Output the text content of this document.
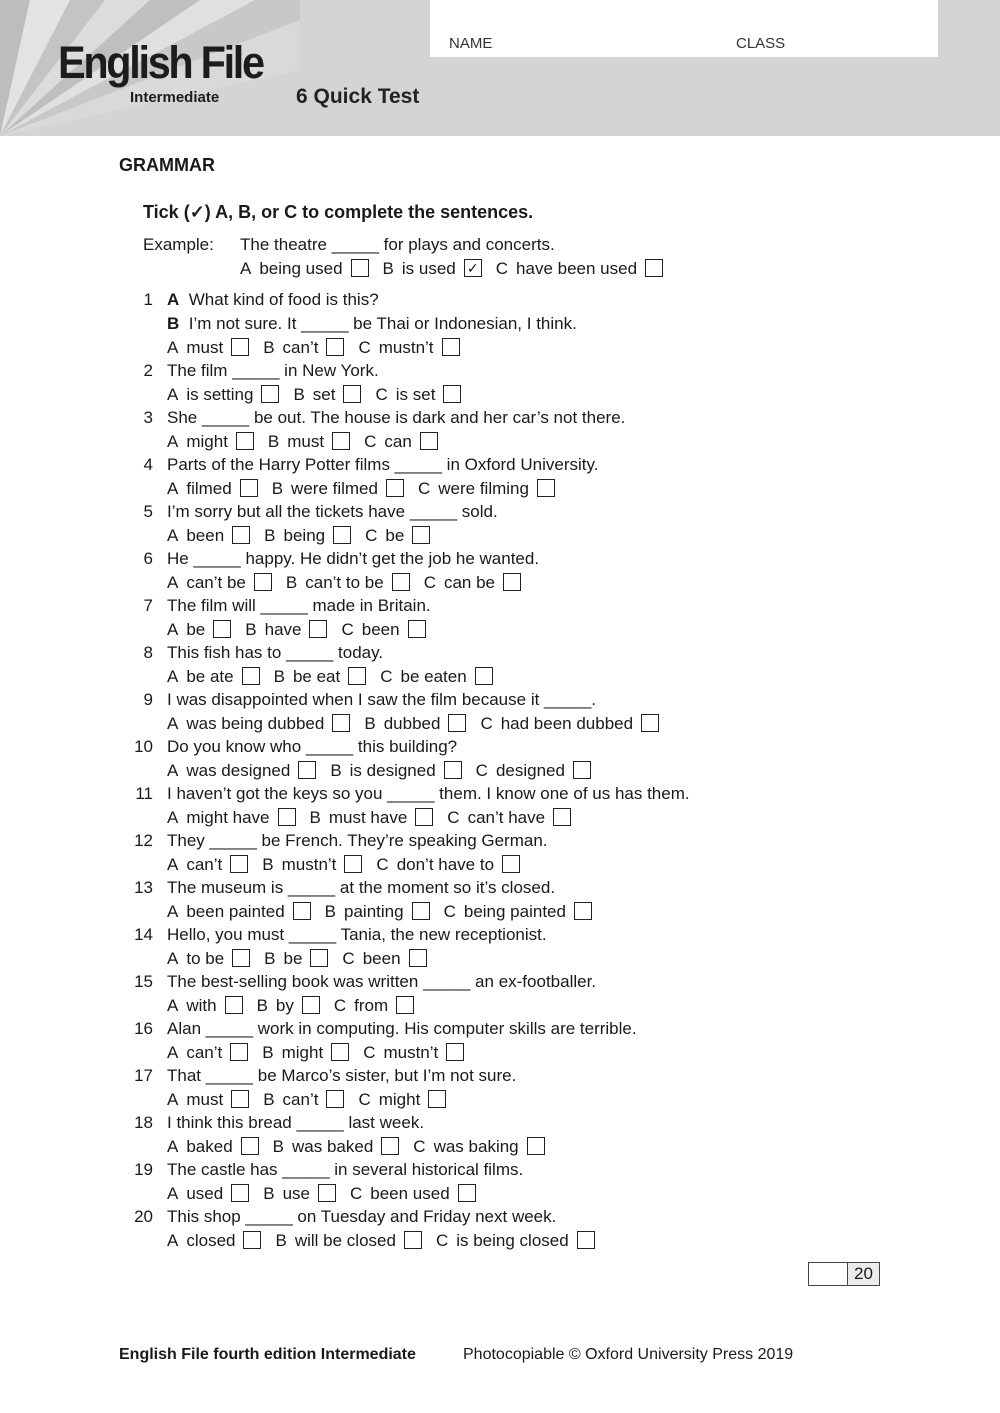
English File
Intermediate	6 Quick Test
NAME	CLASS
GRAMMAR
Tick (✓) A, B, or C to complete the sentences.
Example: The theatre _____ for plays and concerts.
A being used B is used ✓ C have been used
1 A What kind of food is this?
B I’m not sure. It _____ be Thai or Indonesian, I think.
A must B can’t C mustn’t
2 The film _____ in New York.
A is setting B set C is set
3 She _____ be out. The house is dark and her car’s not there.
A might B must C can
4 Parts of the Harry Potter films _____ in Oxford University.
A filmed B were filmed C were filming
5 I’m sorry but all the tickets have _____ sold.
A been B being C be
6 He _____ happy. He didn’t get the job he wanted.
A can’t be B can’t to be C can be
7 The film will _____ made in Britain.
A be B have C been
8 This fish has to _____ today.
A be ate B be eat C be eaten
9 I was disappointed when I saw the film because it _____.
A was being dubbed B dubbed C had been dubbed
10 Do you know who _____ this building?
A was designed B is designed C designed
11 I haven’t got the keys so you _____ them. I know one of us has them.
A might have B must have C can’t have
12 They _____ be French. They’re speaking German.
A can’t B mustn’t C don’t have to
13 The museum is _____ at the moment so it’s closed.
A been painted B painting C being painted
14 Hello, you must _____ Tania, the new receptionist.
A to be B be C been
15 The best-selling book was written _____ an ex-footballer.
A with B by C from
16 Alan _____ work in computing. His computer skills are terrible.
A can’t B might C mustn’t
17 That _____ be Marco’s sister, but I’m not sure.
A must B can’t C might
18 I think this bread _____ last week.
A baked B was baked C was baking
19 The castle has _____ in several historical films.
A used B use C been used
20 This shop _____ on Tuesday and Friday next week.
A closed B will be closed C is being closed
20
English File fourth edition Intermediate	Photocopiable © Oxford University Press 2019
